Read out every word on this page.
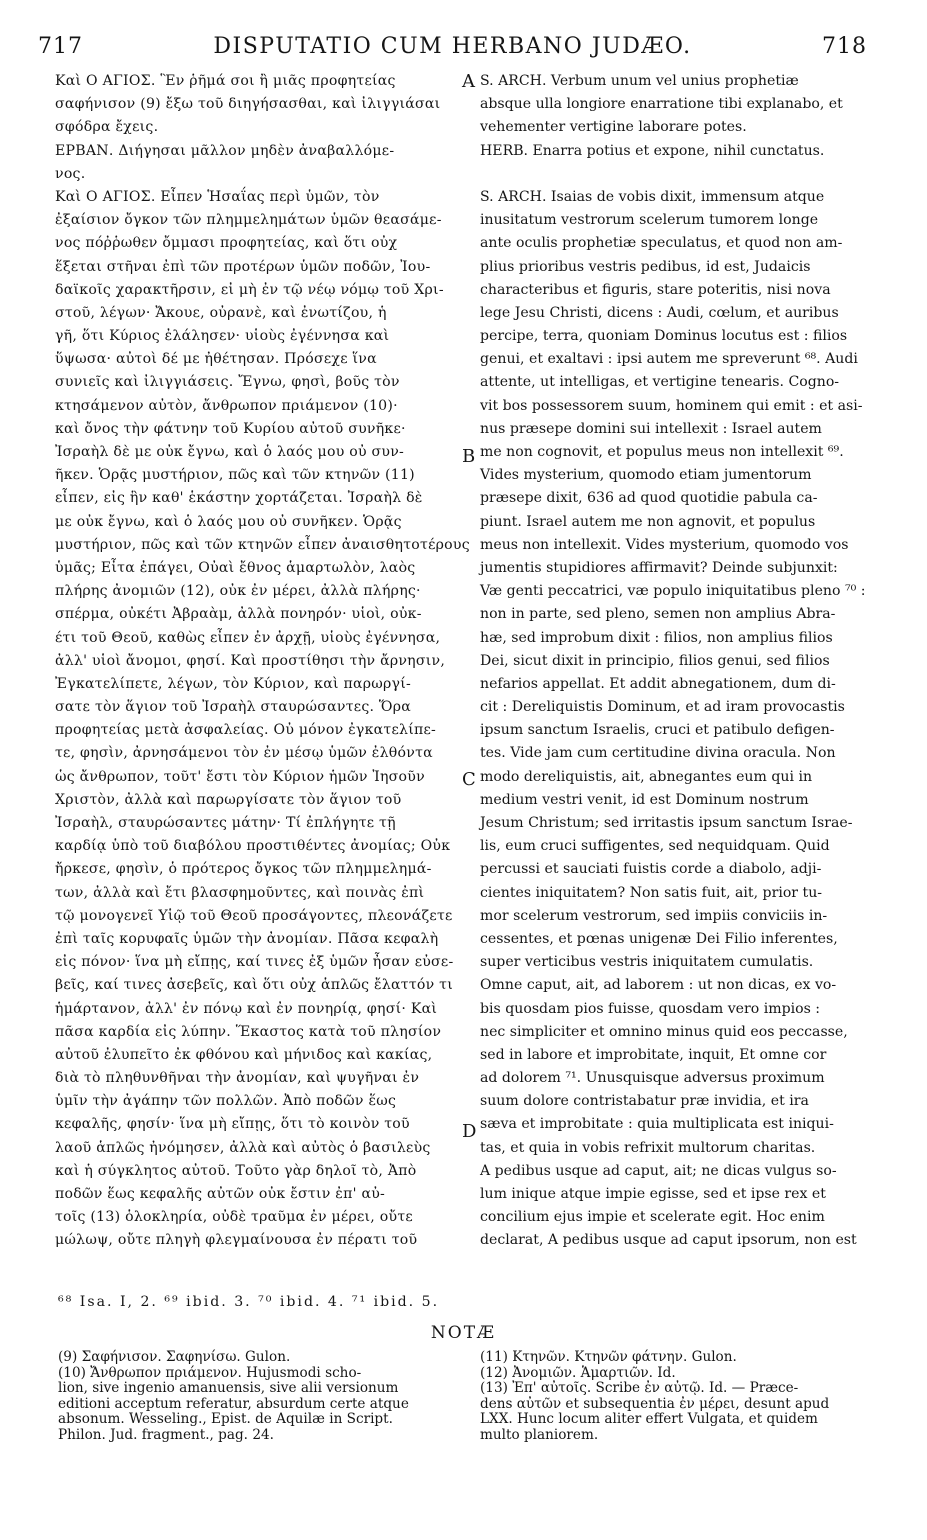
717	DISPUTATIO CUM HERBANO JUDÆO.	718
Καὶ Ο ΑΓΙΟΣ. Ἓν ῥῆμά σοι ἢ μιᾶς προφητείας
σαφήνισον (9) ἔξω τοῦ διηγήσασθαι, καὶ ἰλιγγιάσαι
σφόδρα ἔχεις.
ΕΡΒΑΝ. Διήγησαι μᾶλλον μηδὲν ἀναβαλλόμε-
νος.
Καὶ Ο ΑΓΙΟΣ. Εἶπεν Ἡσαΐας περὶ ὑμῶν, τὸν
ἐξαίσιον ὄγκον τῶν πλημμελημάτων ὑμῶν θεασάμε-
νος πόῤῥωθεν ὄμμασι προφητείας, καὶ ὅτι οὐχ
ἕξεται στῆναι ἐπὶ τῶν προτέρων ὑμῶν ποδῶν, Ἰου-
δαϊκοῖς χαρακτῆρσιν, εἰ μὴ ἐν τῷ νέῳ νόμῳ τοῦ Χρι-
στοῦ, λέγων· Ἄκουε, οὐρανὲ, καὶ ἐνωτίζου, ἡ
γῆ, ὅτι Κύριος ἐλάλησεν· υἱοὺς ἐγέννησα καὶ
ὕψωσα· αὐτοὶ δέ με ἠθέτησαν. Πρόσεχε ἵνα
συνιεῖς καὶ ἰλιγγιάσεις. Ἔγνω, φησὶ, βοῦς τὸν
κτησάμενον αὐτὸν, ἄνθρωπον πριάμενον (10)·
καὶ ὄνος τὴν φάτνην τοῦ Κυρίου αὐτοῦ συνῆκε·
Ἰσραὴλ δὲ με οὐκ ἔγνω, καὶ ὁ λαός μου οὐ συν-
ῆκεν. Ὁρᾷς μυστήριον, πῶς καὶ τῶν κτηνῶν (11)
εἶπεν, εἰς ἣν καθ' ἑκάστην χορτάζεται. Ἰσραὴλ δὲ
με οὐκ ἔγνω, καὶ ὁ λαός μου οὐ συνῆκεν. Ὁρᾷς
μυστήριον, πῶς καὶ τῶν κτηνῶν εἶπεν ἀναισθητοτέρους
ὑμᾶς; Εἶτα ἐπάγει, Οὐαὶ ἔθνος ἁμαρτωλὸν, λαὸς
πλήρης ἀνομιῶν (12), οὐκ ἐν μέρει, ἀλλὰ πλήρης·
σπέρμα, οὐκέτι Ἀβραὰμ, ἀλλὰ πονηρόν· υἱοὶ, οὐκ-
έτι τοῦ Θεοῦ, καθὼς εἶπεν ἐν ἀρχῇ, υἱοὺς ἐγέννησα,
ἀλλ' υἱοὶ ἄνομοι, φησί. Καὶ προστίθησι τὴν ἄρνησιν,
Ἐγκατελίπετε, λέγων, τὸν Κύριον, καὶ παρωργί-
σατε τὸν ἅγιον τοῦ Ἰσραὴλ σταυρώσαντες. Ὅρα
προφητείας μετὰ ἀσφαλείας. Οὐ μόνον ἐγκατελίπε-
τε, φησὶν, ἀρνησάμενοι τὸν ἐν μέσῳ ὑμῶν ἐλθόντα
ὡς ἄνθρωπον, τοῦτ' ἔστι τὸν Κύριον ἡμῶν Ἰησοῦν
Χριστὸν, ἀλλὰ καὶ παρωργίσατε τὸν ἅγιον τοῦ
Ἰσραὴλ, σταυρώσαντες μάτην· Τί ἐπλήγητε τῇ
καρδίᾳ ὑπὸ τοῦ διαβόλου προστιθέντες ἀνομίας; Οὐκ
ἤρκεσε, φησὶν, ὁ πρότερος ὄγκος τῶν πλημμελημά-
των, ἀλλὰ καὶ ἔτι βλασφημοῦντες, καὶ ποινὰς ἐπὶ
τῷ μονογενεῖ Υἱῷ τοῦ Θεοῦ προσάγοντες, πλεονάζετε
ἐπὶ ταῖς κορυφαῖς ὑμῶν τὴν ἀνομίαν. Πᾶσα κεφαλὴ
εἰς πόνον· ἵνα μὴ εἴπῃς, καί τινες ἐξ ὑμῶν ἦσαν εὐσε-
βεῖς, καί τινες ἀσεβεῖς, καὶ ὅτι οὐχ ἁπλῶς ἔλαττόν τι
ἡμάρτανον, ἀλλ' ἐν πόνῳ καὶ ἐν πονηρίᾳ, φησί· Καὶ
πᾶσα καρδία εἰς λύπην. Ἕκαστος κατὰ τοῦ πλησίον
αὐτοῦ ἐλυπεῖτο ἐκ φθόνου καὶ μήνιδος καὶ κακίας,
διὰ τὸ πληθυνθῆναι τὴν ἀνομίαν, καὶ ψυγῆναι ἐν
ὑμῖν τὴν ἀγάπην τῶν πολλῶν. Ἀπὸ ποδῶν ἕως
κεφαλῆς, φησίν· ἵνα μὴ εἴπῃς, ὅτι τὸ κοινὸν τοῦ
λαοῦ ἁπλῶς ἠνόμησεν, ἀλλὰ καὶ αὐτὸς ὁ βασιλεὺς
καὶ ἡ σύγκλητος αὐτοῦ. Τοῦτο γὰρ δηλοῖ τὸ, Ἀπὸ
ποδῶν ἕως κεφαλῆς αὐτῶν οὐκ ἔστιν ἐπ' αὐ-
τοῖς (13) ὁλοκληρία, οὐδὲ τραῦμα ἐν μέρει, οὔτε
μώλωψ, οὔτε πληγὴ φλεγμαίνουσα ἐν πέρατι τοῦ
S. ARCH. Verbum unum vel unius prophetiæ
absque ulla longiore enarratione tibi explanabo, et
vehementer vertigine laborare potes.
HERB. Enarra potius et expone, nihil cunctatus.
S. ARCH. Isaias de vobis dixit, immensum atque
inusitatum vestrorum scelerum tumorem longe
ante oculis prophetiæ speculatus, et quod non am-
plius prioribus vestris pedibus, id est, Judaicis
characteribus et figuris, stare poteritis, nisi nova
lege Jesu Christi, dicens : Audi, cœlum, et auribus
percipe, terra, quoniam Dominus locutus est : filios
genui, et exaltavi : ipsi autem me spreverunt ⁶⁸. Audi
attente, ut intelligas, et vertigine tenearis. Cogno-
vit bos possessorem suum, hominem qui emit : et asi-
nus præsepe domini sui intellexit : Israel autem
me non cognovit, et populus meus non intellexit ⁶⁹.
Vides mysterium, quomodo etiam jumentorum
præsepe dixit, 636 ad quod quotidie pabula ca-
piunt. Israel autem me non agnovit, et populus
meus non intellexit. Vides mysterium, quomodo vos
jumentis stupidiores affirmavit? Deinde subjunxit:
Væ genti peccatrici, væ populo iniquitatibus pleno ⁷⁰ :
non in parte, sed pleno, semen non amplius Abra-
hæ, sed improbum dixit : filios, non amplius filios
Dei, sicut dixit in principio, filios genui, sed filios
nefarios appellat. Et addit abnegationem, dum di-
cit : Dereliquistis Dominum, et ad iram provocastis
ipsum sanctum Israelis, cruci et patibulo defigen-
tes. Vide jam cum certitudine divina oracula. Non
modo dereliquistis, ait, abnegantes eum qui in
medium vestri venit, id est Dominum nostrum
Jesum Christum; sed irritastis ipsum sanctum Israe-
lis, eum cruci suffigentes, sed nequidquam. Quid
percussi et sauciati fuistis corde a diabolo, adji-
cientes iniquitatem? Non satis fuit, ait, prior tu-
mor scelerum vestrorum, sed impiis conviciis in-
cessentes, et pœnas unigenæ Dei Filio inferentes,
super verticibus vestris iniquitatem cumulatis.
Omne caput, ait, ad laborem : ut non dicas, ex vo-
bis quosdam pios fuisse, quosdam vero impios :
nec simpliciter et omnino minus quid eos peccasse,
sed in labore et improbitate, inquit, Et omne cor
ad dolorem ⁷¹. Unusquisque adversus proximum
suum dolore contristabatur præ invidia, et ira
sæva et improbitate : quia multiplicata est iniqui-
tas, et quia in vobis refrixit multorum charitas.
A pedibus usque ad caput, ait; ne dicas vulgus so-
lum inique atque impie egisse, sed et ipse rex et
concilium ejus impie et scelerate egit. Hoc enim
declarat, A pedibus usque ad caput ipsorum, non est
A
B
C
D
⁶⁸ Isa. I, 2. ⁶⁹ ibid. 3. ⁷⁰ ibid. 4. ⁷¹ ibid. 5.
NOTÆ
(9) Σαφήνισον. Σαφηνίσω. Gulon.
(10) Ἄνθρωπον πριάμενον. Hujusmodi scho-
lion, sive ingenio amanuensis, sive alii versionum
editioni acceptum referatur, absurdum certe atque
absonum. Wesseling., Epist. de Aquilæ in Script.
Philon. Jud. fragment., pag. 24.
(11) Κτηνῶν. Κτηνῶν φάτνην. Gulon.
(12) Ἀνομιῶν. Ἁμαρτιῶν. Id.
(13) Ἐπ' αὐτοῖς. Scribe ἐν αὐτῷ. Id. — Præce-
dens αὐτῶν et subsequentia ἐν μέρει, desunt apud
LXX. Hunc locum aliter effert Vulgata, et quidem
multo planiorem.
